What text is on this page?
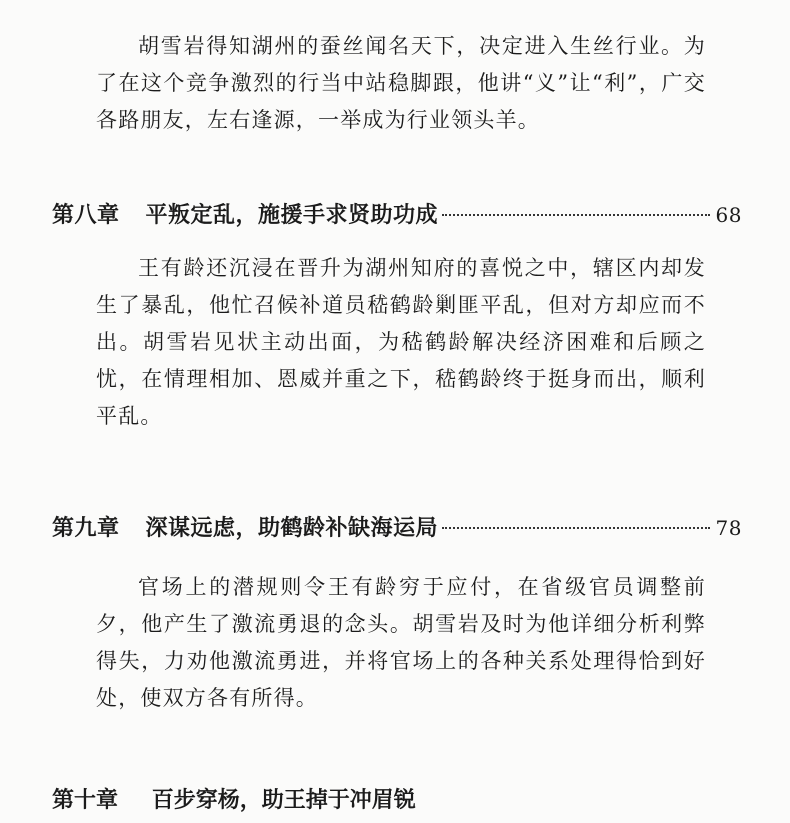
胡雪岩得知湖州的蚕丝闻名天下，决定进入生丝行业。为了在这个竞争激烈的行当中站稳脚跟，他讲“义”让“利”，广交各路朋友，左右逢源，一举成为行业领头羊。

第八章 平叛定乱，施援手求贤助功成	68

王有龄还沉浸在晋升为湖州知府的喜悦之中，辖区内却发生了暴乱，他忙召候补道员嵇鹤龄剿匪平乱，但对方却应而不出。胡雪岩见状主动出面，为嵇鹤龄解决经济困难和后顾之忧，在情理相加、恩威并重之下，嵇鹤龄终于挺身而出，顺利平乱。

第九章 深谋远虑，助鹤龄补缺海运局	78

官场上的潜规则令王有龄穷于应付，在省级官员调整前夕，他产生了激流勇退的念头。胡雪岩及时为他详细分析利弊得失，力劝他激流勇进，并将官场上的各种关系处理得恰到好处，使双方各有所得。

第十章 百步穿杨，助王掉于冲眉锐
